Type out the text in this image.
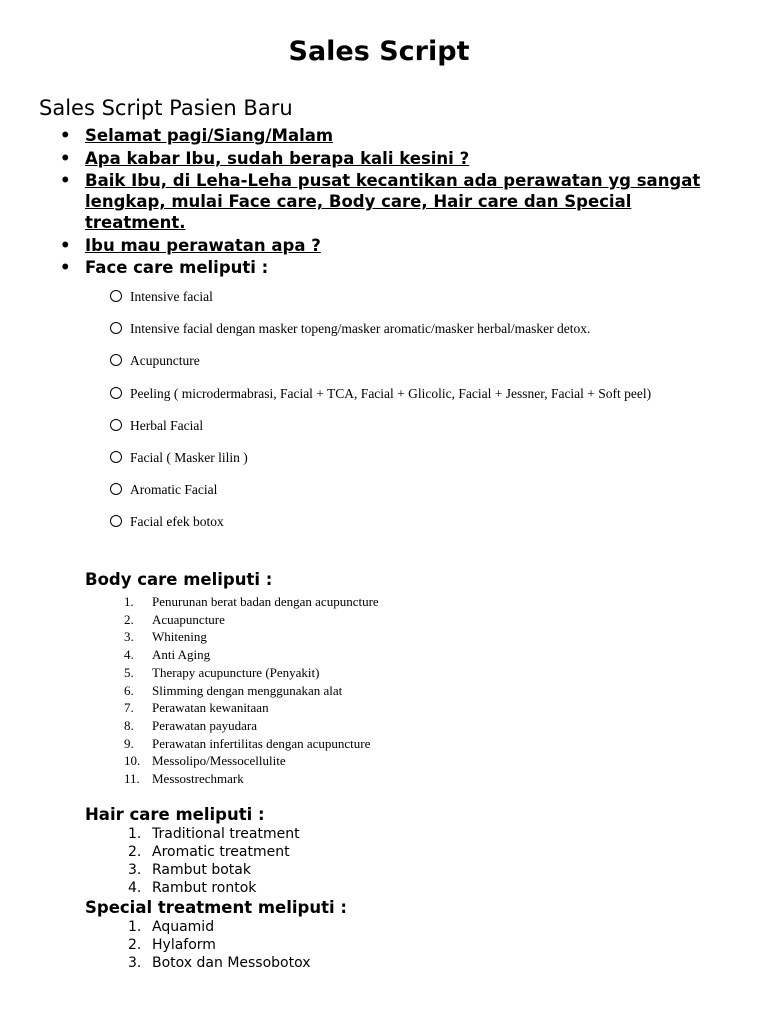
Sales Script
Sales Script Pasien Baru
• Selamat pagi/Siang/Malam
• Apa kabar Ibu, sudah berapa kali kesini ?
• Baik Ibu, di Leha-Leha pusat kecantikan ada perawatan yg sangat lengkap, mulai Face care, Body care, Hair care dan Special treatment.
• Ibu mau perawatan apa ?
• Face care meliputi :
Intensive facial
Intensive facial dengan masker topeng/masker aromatic/masker herbal/masker detox.
Acupuncture
Peeling ( microdermabrasi, Facial + TCA, Facial + Glicolic, Facial + Jessner, Facial + Soft peel)
Herbal Facial
Facial ( Masker lilin )
Aromatic Facial
Facial efek botox
Body care meliputi :
1. Penurunan berat badan dengan acupuncture
2. Acuapuncture
3. Whitening
4. Anti Aging
5. Therapy acupuncture (Penyakit)
6. Slimming dengan menggunakan alat
7. Perawatan kewanitaan
8. Perawatan payudara
9. Perawatan infertilitas dengan acupuncture
10. Messolipo/Messocellulite
11. Messostrechmark
Hair care meliputi :
1. Traditional treatment
2. Aromatic treatment
3. Rambut botak
4. Rambut rontok
Special treatment meliputi :
1. Aquamid
2. Hylaform
3. Botox dan Messobotox
